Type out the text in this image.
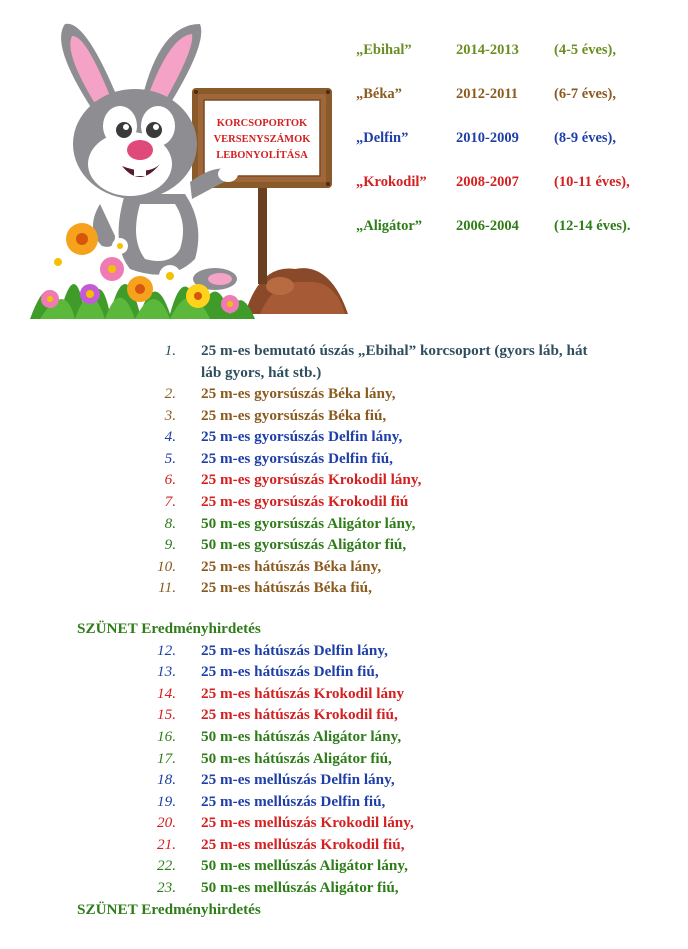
KORCSOPORTOK
VERSENYSZÁMOK
LEBONYOLÍTÁSA
„Ebihal”	2014-2013 (4-5 éves),
„Béka”	2012-2011 (6-7 éves),
„Delfin”	2010-2009 (8-9 éves),
„Krokodil” 2008-2007 (10-11 éves),
„Aligátor” 2006-2004 (12-14 éves).
1. 25 m-es bemutató úszás „Ebihal” korcsoport (gyors láb, hát láb gyors, hát stb.)
2. 25 m-es gyorsúszás Béka lány,
3. 25 m-es gyorsúszás Béka fiú,
4. 25 m-es gyorsúszás Delfin lány,
5. 25 m-es gyorsúszás Delfin fiú,
6. 25 m-es gyorsúszás Krokodil lány,
7. 25 m-es gyorsúszás Krokodil fiú
8. 50 m-es gyorsúszás Aligátor lány,
9. 50 m-es gyorsúszás Aligátor fiú,
10. 25 m-es hátúszás Béka lány,
11. 25 m-es hátúszás Béka fiú,
SZÜNET Eredményhirdetés
12. 25 m-es hátúszás Delfin lány,
13. 25 m-es hátúszás Delfin fiú,
14. 25 m-es hátúszás Krokodil lány
15. 25 m-es hátúszás Krokodil fiú,
16. 50 m-es hátúszás Aligátor lány,
17. 50 m-es hátúszás Aligátor fiú,
18. 25 m-es mellúszás Delfin lány,
19. 25 m-es mellúszás Delfin fiú,
20. 25 m-es mellúszás Krokodil lány,
21. 25 m-es mellúszás Krokodil fiú,
22. 50 m-es mellúszás Aligátor lány,
23. 50 m-es mellúszás Aligátor fiú,
SZÜNET Eredményhirdetés
